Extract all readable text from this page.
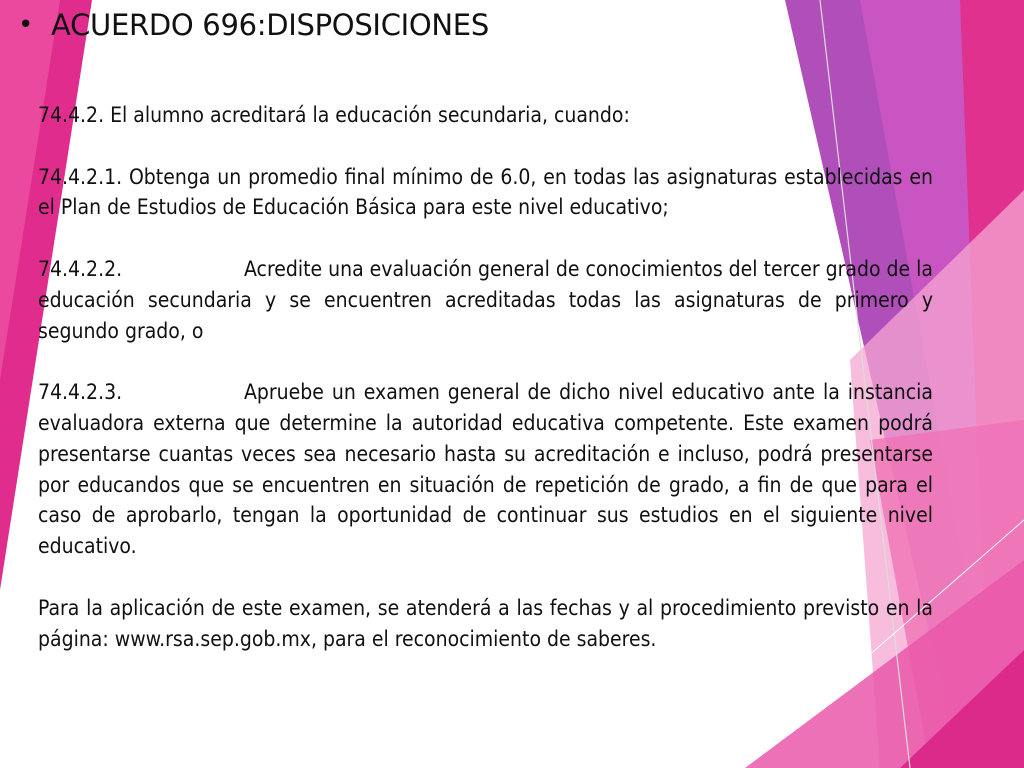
• ACUERDO 696:DISPOSICIONES

74.4.2. El alumno acreditará la educación secundaria, cuando:

74.4.2.1. Obtenga un promedio final mínimo de 6.0, en todas las asignaturas establecidas en el Plan de Estudios de Educación Básica para este nivel educativo;

74.4.2.2.	Acredite una evaluación general de conocimientos del tercer grado de la educación secundaria y se encuentren acreditadas todas las asignaturas de primero y segundo grado, o

74.4.2.3.	Apruebe un examen general de dicho nivel educativo ante la instancia evaluadora externa que determine la autoridad educativa competente. Este examen podrá presentarse cuantas veces sea necesario hasta su acreditación e incluso, podrá presentarse por educandos que se encuentren en situación de repetición de grado, a fin de que para el caso de aprobarlo, tengan la oportunidad de continuar sus estudios en el siguiente nivel educativo.

Para la aplicación de este examen, se atenderá a las fechas y al procedimiento previsto en la página: www.rsa.sep.gob.mx, para el reconocimiento de saberes.
